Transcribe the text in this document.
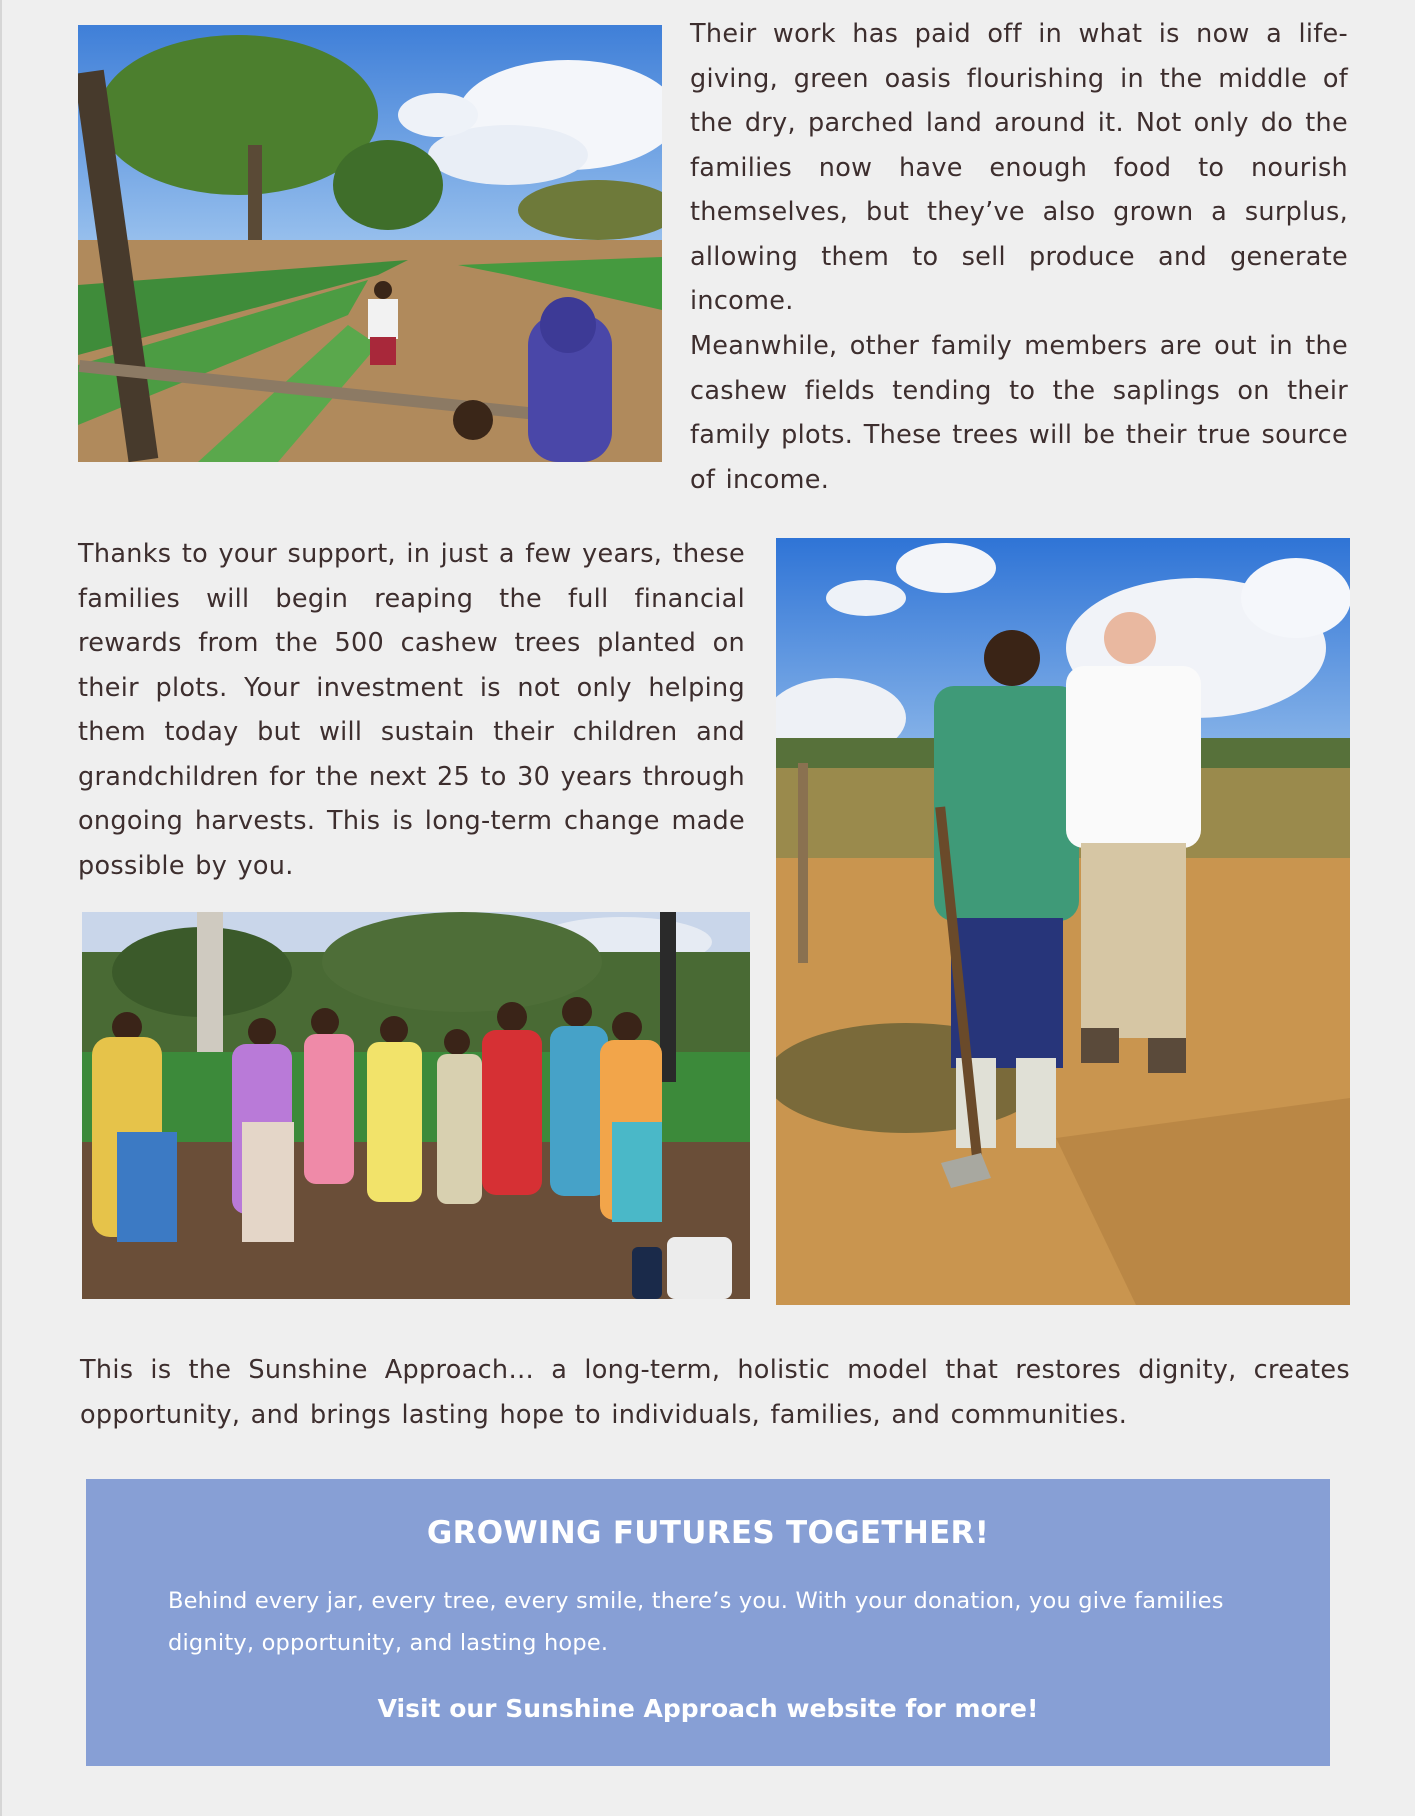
Their work has paid off in what is now a life-giving, green oasis flourishing in the middle of the dry, parched land around it. Not only do the families now have enough food to nourish themselves, but they’ve also grown a surplus, allowing them to sell produce and generate income.

Meanwhile, other family members are out in the cashew fields tending to the saplings on their family plots. These trees will be their true source of income.

Thanks to your support, in just a few years, these families will begin reaping the full financial rewards from the 500 cashew trees planted on their plots. Your investment is not only helping them today but will sustain their children and grandchildren for the next 25 to 30 years through ongoing harvests. This is long-term change made possible by you.

This is the Sunshine Approach… a long-term, holistic model that restores dignity, creates opportunity, and brings lasting hope to individuals, families, and communities.

GROWING FUTURES TOGETHER!

Behind every jar, every tree, every smile, there’s you. With your donation, you give families dignity, opportunity, and lasting hope.

Visit our Sunshine Approach website for more!
